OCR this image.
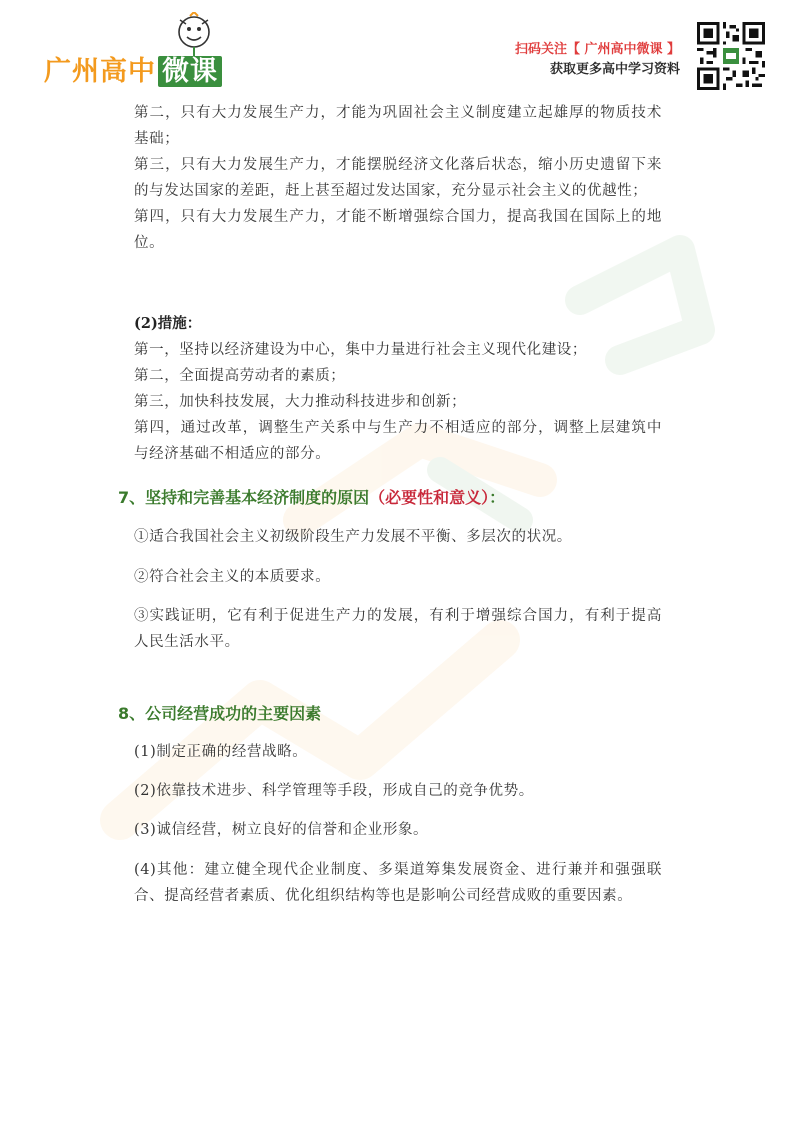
广州高中 微课
扫码关注【 广州高中微课 】
获取更多高中学习资料

第二，只有大力发展生产力，才能为巩固社会主义制度建立起雄厚的物质技术基础；

第三，只有大力发展生产力，才能摆脱经济文化落后状态，缩小历史遗留下来的与发达国家的差距，赶上甚至超过发达国家，充分显示社会主义的优越性；

第四，只有大力发展生产力，才能不断增强综合国力，提高我国在国际上的地位。

(2)措施：

第一，坚持以经济建设为中心，集中力量进行社会主义现代化建设；

第二，全面提高劳动者的素质；

第三，加快科技发展，大力推动科技进步和创新；

第四，通过改革，调整生产关系中与生产力不相适应的部分，调整上层建筑中与经济基础不相适应的部分。

7、坚持和完善基本经济制度的原因（必要性和意义）：

①适合我国社会主义初级阶段生产力发展不平衡、多层次的状况。

②符合社会主义的本质要求。

③实践证明，它有利于促进生产力的发展，有利于增强综合国力，有利于提高人民生活水平。

8、公司经营成功的主要因素

(1)制定正确的经营战略。

(2)依靠技术进步、科学管理等手段，形成自己的竞争优势。

(3)诚信经营，树立良好的信誉和企业形象。

(4)其他：建立健全现代企业制度、多渠道筹集发展资金、进行兼并和强强联合、提高经营者素质、优化组织结构等也是影响公司经营成败的重要因素。
